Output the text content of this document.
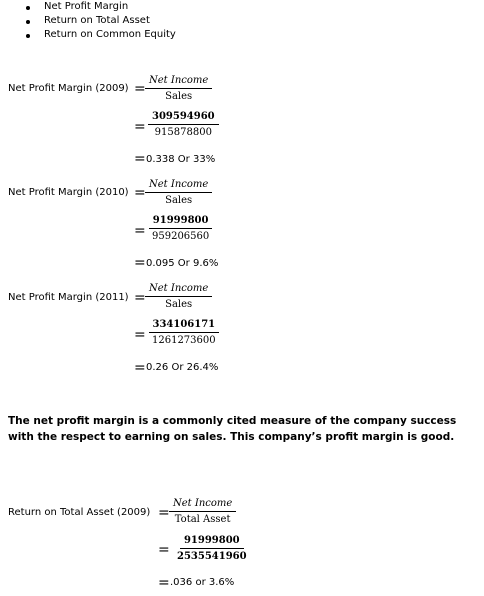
Net Profit Margin
Return on Total Asset
Return on Common Equity
Net Profit Margin (2009) =
Net Income
Sales
= $\frac{309594960}{915878800}$
= 0.338 Or 33%
Net Profit Margin (2010) =
Net Income
Sales
= $\frac{91999800}{959206560}$
= 0.095 Or 9.6%
Net Profit Margin (2011) =
Net Income
Sales
= $\frac{334106171}{1261273600}$
= 0.26 Or 26.4%
The net profit margin is a commonly cited measure of the company success with the respect to earning on sales. This company’s profit margin is good.
Return on Total Asset (2009) =
Net Income
Total Asset
= $\frac{91999800}{2535541960}$
= .036 or 3.6%
